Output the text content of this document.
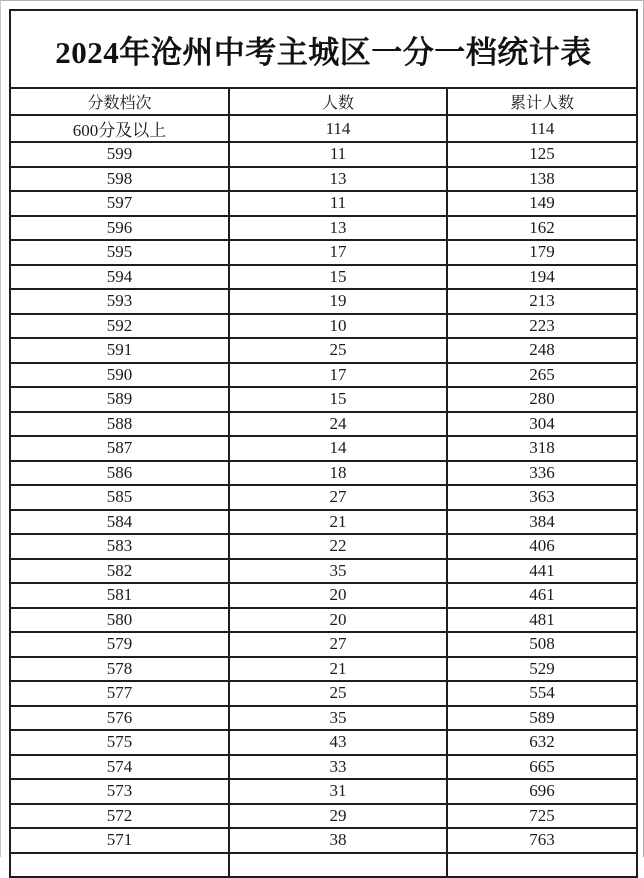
2024年沧州中考主城区一分一档统计表		
分数档次	人数	累计人数
600分及以上	114	114
599	11	125
598	13	138
597	11	149
596	13	162
595	17	179
594	15	194
593	19	213
592	10	223
591	25	248
590	17	265
589	15	280
588	24	304
587	14	318
586	18	336
585	27	363
584	21	384
583	22	406
582	35	441
581	20	461
580	20	481
579	27	508
578	21	529
577	25	554
576	35	589
575	43	632
574	33	665
573	31	696
572	29	725
571	38	763
